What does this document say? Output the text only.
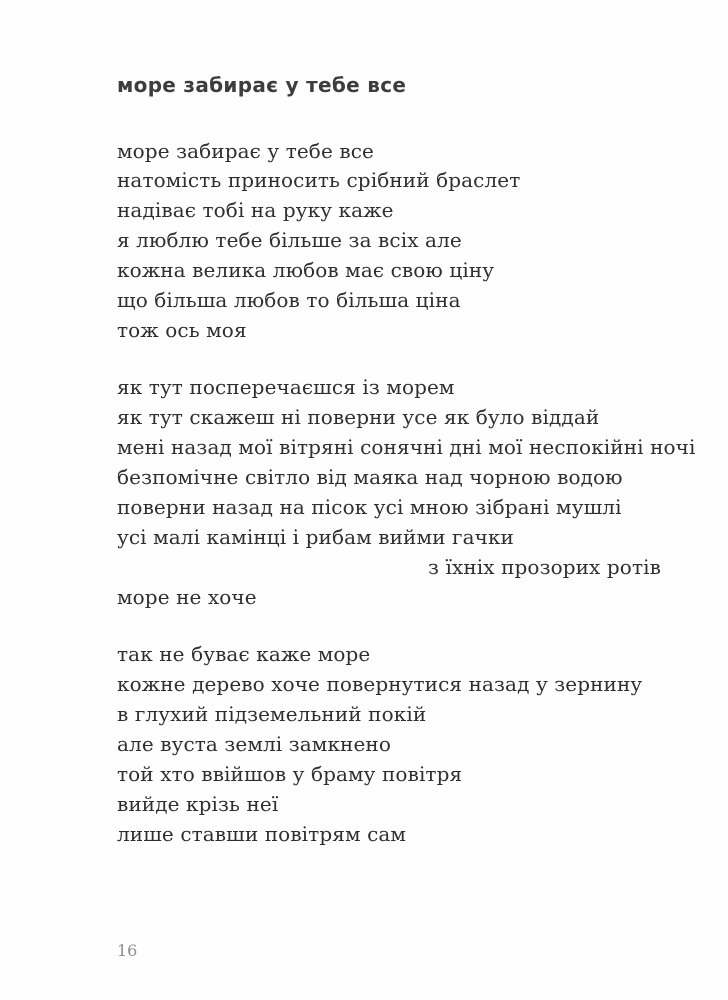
море забирає у тебе все
море забирає у тебе все
натомість приносить срібний браслет
надіває тобі на руку каже
я люблю тебе більше за всіх але
кожна велика любов має свою ціну
що більша любов то більша ціна
тож ось моя
як тут посперечаєшся із морем
як тут скажеш ні поверни усе як було віддай
мені назад мої вітряні сонячні дні мої неспокійні ночі
безпомічне світло від маяка над чорною водою
поверни назад на пісок усі мною зібрані мушлі
усі малі камінці і рибам вийми гачки
з їхніх прозорих ротів
море не хоче
так не буває каже море
кожне дерево хоче повернутися назад у зернину
в глухий підземельний покій
але вуста землі замкнено
той хто ввійшов у браму повітря
вийде крізь неї
лише ставши повітрям сам
16
